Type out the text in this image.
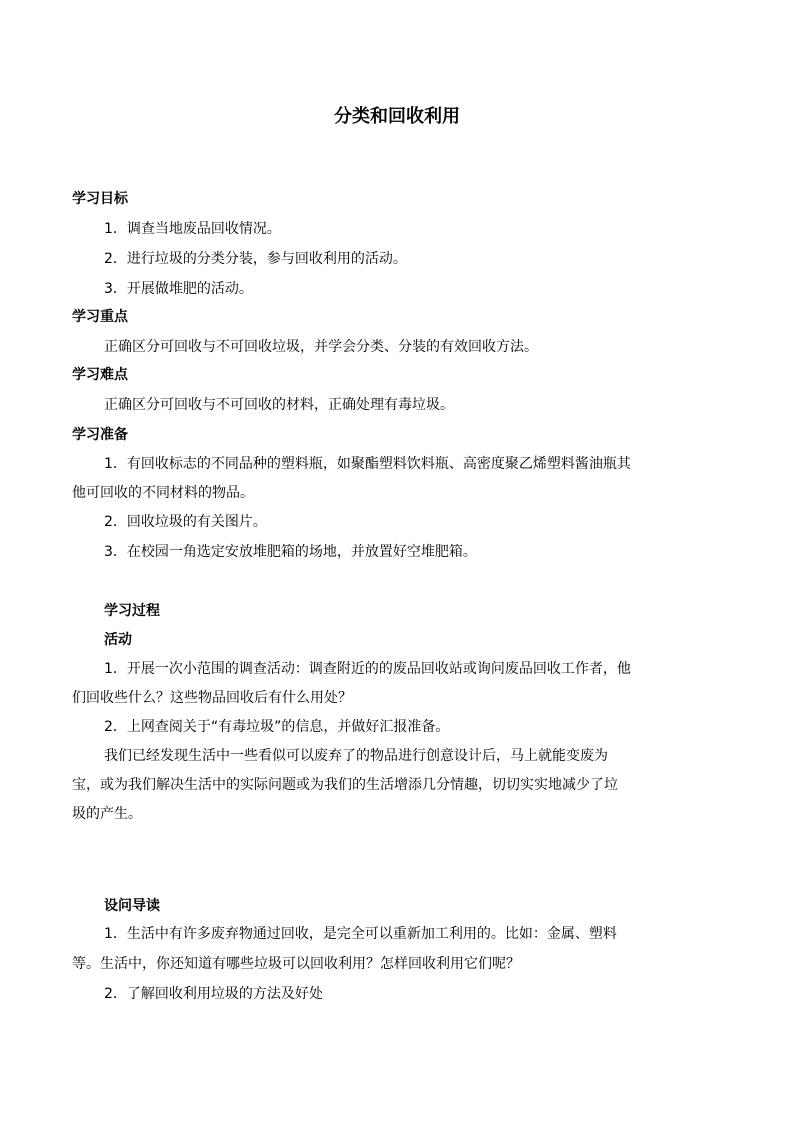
分类和回收利用
学习目标
1．调查当地废品回收情况。
2．进行垃圾的分类分装，参与回收利用的活动。
3．开展做堆肥的活动。
学习重点
正确区分可回收与不可回收垃圾，并学会分类、分装的有效回收方法。
学习难点
正确区分可回收与不可回收的材料，正确处理有毒垃圾。
学习准备
1．有回收标志的不同品种的塑料瓶，如聚酯塑料饮料瓶、高密度聚乙烯塑料酱油瓶其
他可回收的不同材料的物品。
2．回收垃圾的有关图片。
3．在校园一角选定安放堆肥箱的场地，并放置好空堆肥箱。
学习过程
活动
1．开展一次小范围的调查活动：调查附近的的废品回收站或询问废品回收工作者，他
们回收些什么？这些物品回收后有什么用处？
2．上网查阅关于“有毒垃圾”的信息，并做好汇报准备。
我们已经发现生活中一些看似可以废弃了的物品进行创意设计后，马上就能变废为
宝，或为我们解决生活中的实际问题或为我们的生活增添几分情趣，切切实实地减少了垃
圾的产生。
设问导读
1．生活中有许多废弃物通过回收，是完全可以重新加工利用的。比如：金属、塑料
等。生活中，你还知道有哪些垃圾可以回收利用？怎样回收利用它们呢？
2．了解回收利用垃圾的方法及好处
